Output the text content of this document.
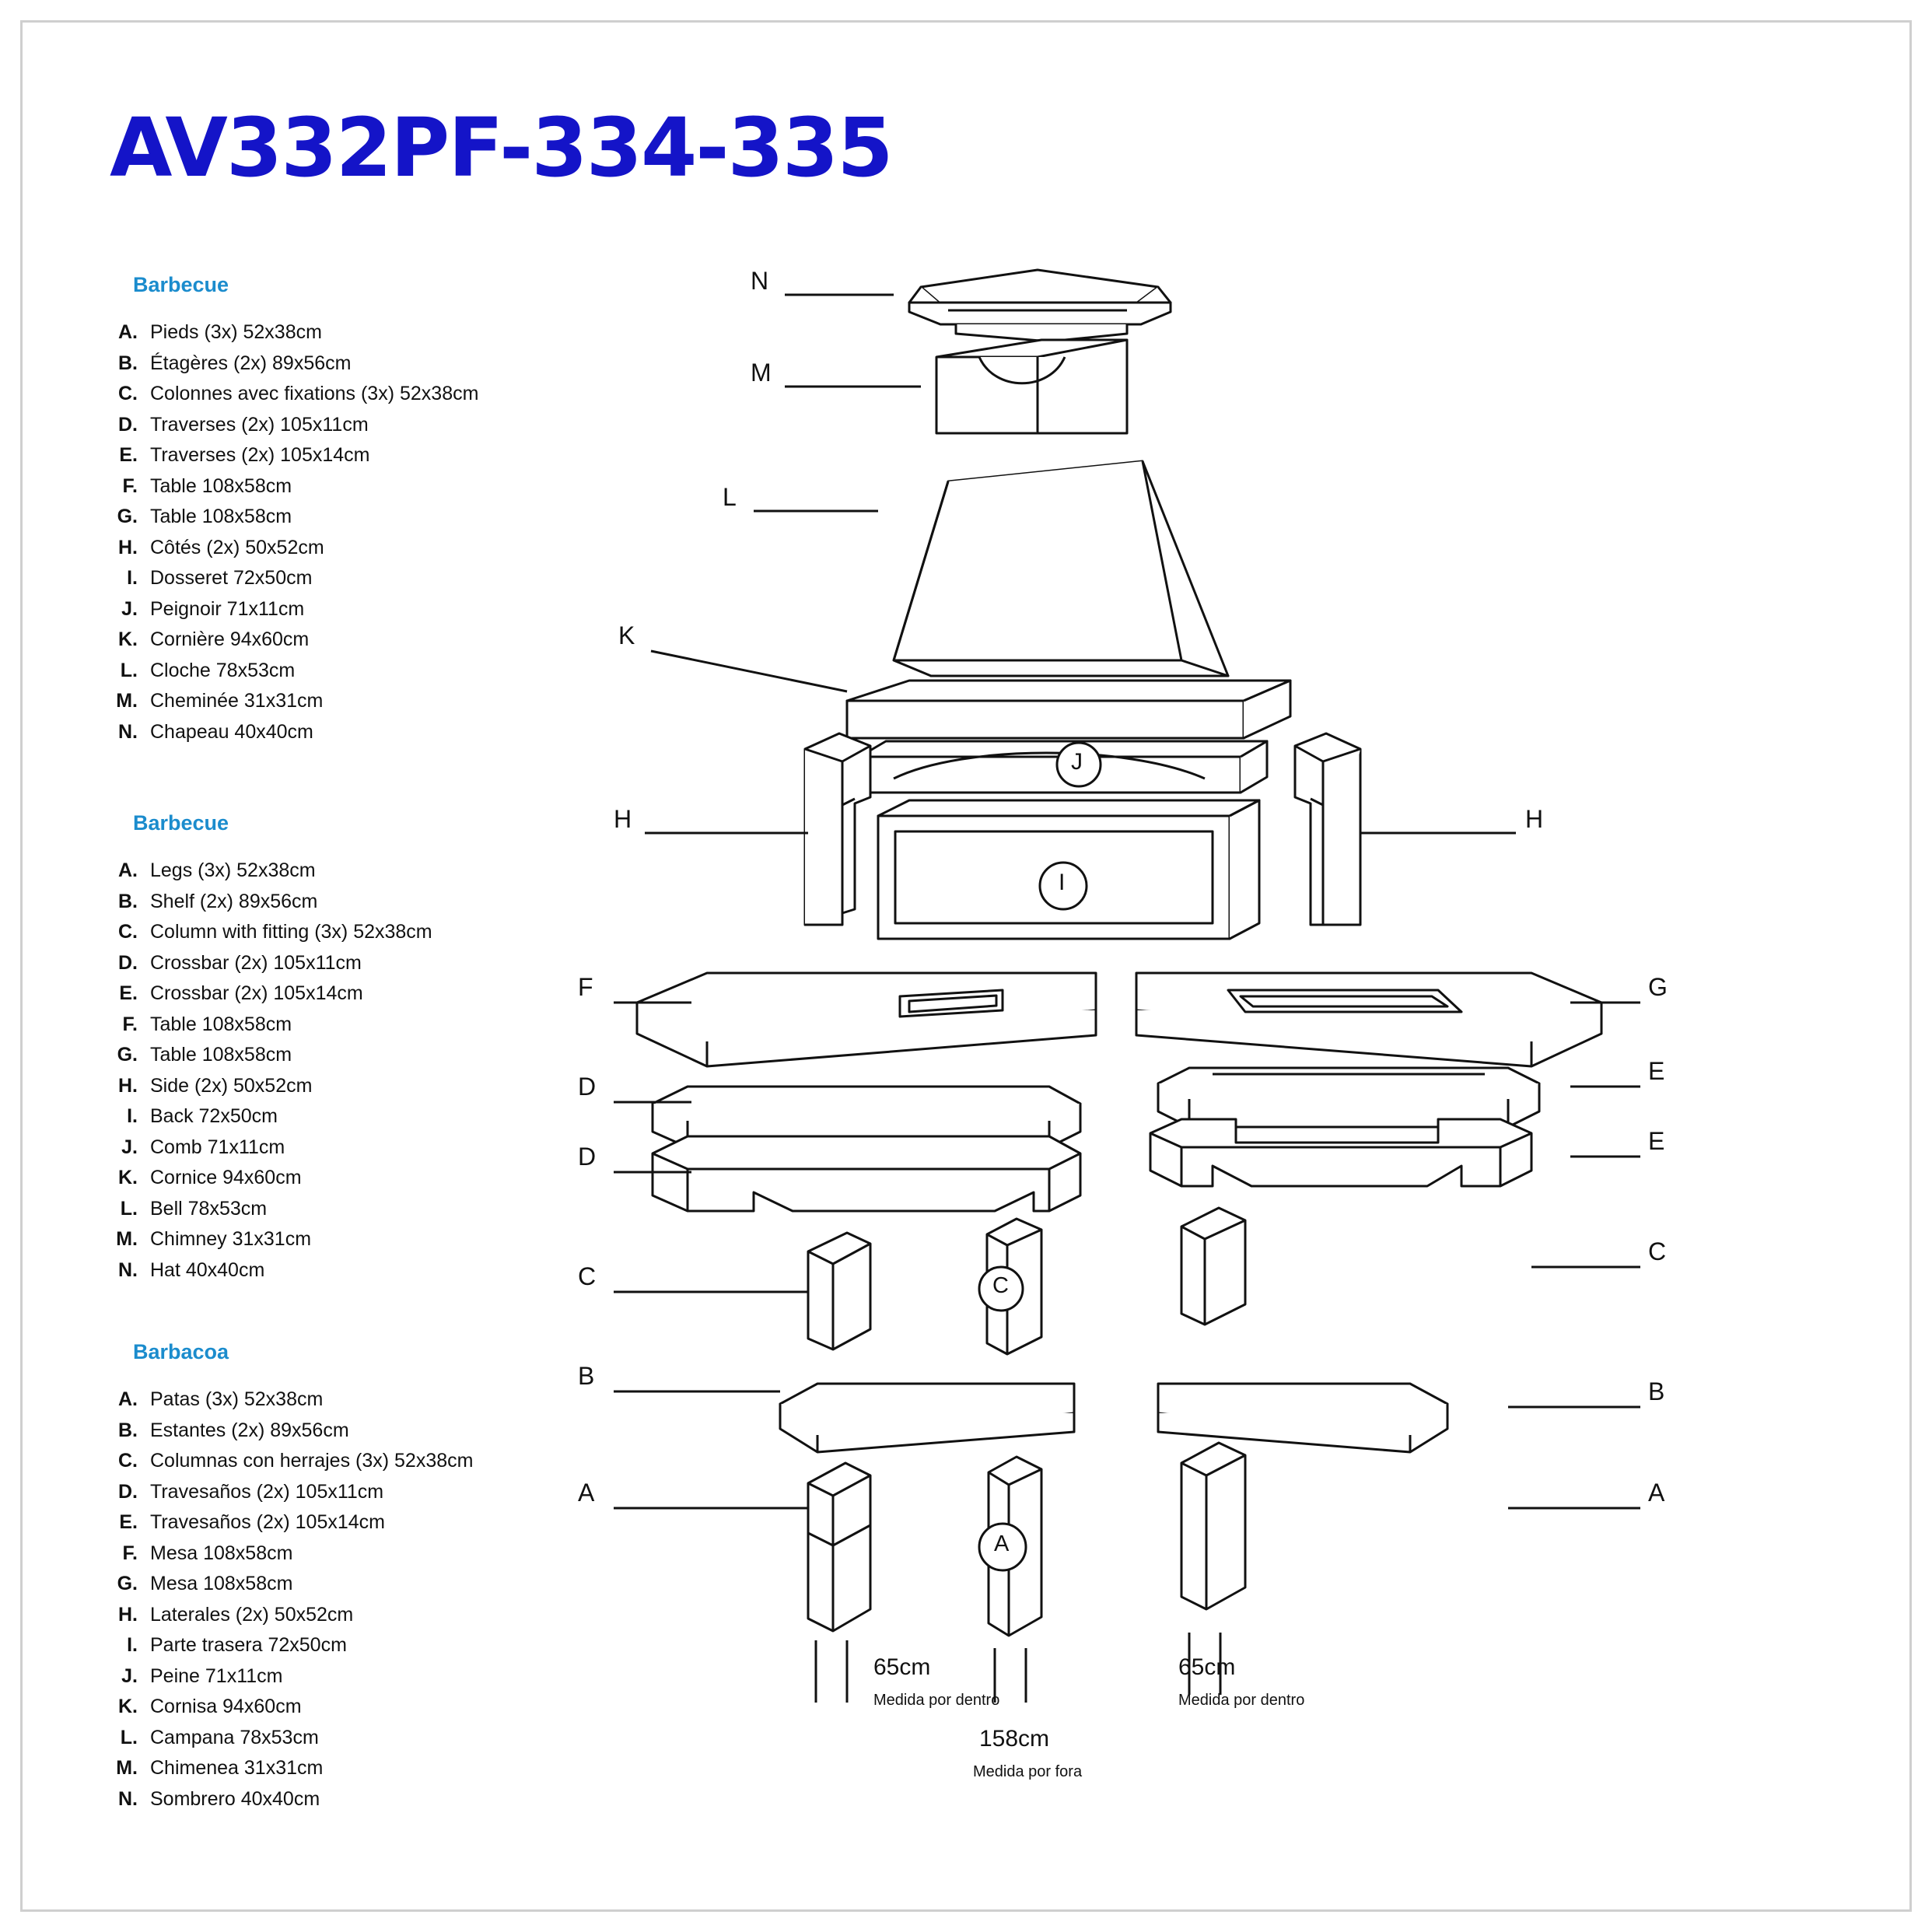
AV332PF-334-335
Barbecue
A. Pieds (3x) 52x38cm
B. Étagères (2x) 89x56cm
C. Colonnes avec fixations (3x) 52x38cm
D. Traverses (2x) 105x11cm
E. Traverses (2x) 105x14cm
F. Table 108x58cm
G. Table 108x58cm
H. Côtés (2x) 50x52cm
I. Dosseret 72x50cm
J. Peignoir 71x11cm
K. Cornière 94x60cm
L. Cloche 78x53cm
M. Cheminée 31x31cm
N. Chapeau 40x40cm
Barbecue
A. Legs (3x) 52x38cm
B. Shelf (2x) 89x56cm
C. Column with fitting (3x) 52x38cm
D. Crossbar (2x) 105x11cm
E. Crossbar (2x) 105x14cm
F. Table 108x58cm
G. Table 108x58cm
H. Side (2x) 50x52cm
I. Back 72x50cm
J. Comb 71x11cm
K. Cornice 94x60cm
L. Bell 78x53cm
M. Chimney 31x31cm
N. Hat 40x40cm
Barbacoa
A. Patas (3x) 52x38cm
B. Estantes (2x) 89x56cm
C. Columnas con herrajes (3x) 52x38cm
D. Travesaños (2x) 105x11cm
E. Travesaños (2x) 105x14cm
F. Mesa 108x58cm
G. Mesa 108x58cm
H. Laterales (2x) 50x52cm
I. Parte trasera 72x50cm
J. Peine 71x11cm
K. Cornisa 94x60cm
L. Campana 78x53cm
M. Chimenea 31x31cm
N. Sombrero 40x40cm
N
M
L
K
H	H
F	G
E
E
D
D
C
C
B
B
A	A
J
I
C
A
65cm
Medida por dentro
65cm
Medida por dentro
158cm
Medida por fora
